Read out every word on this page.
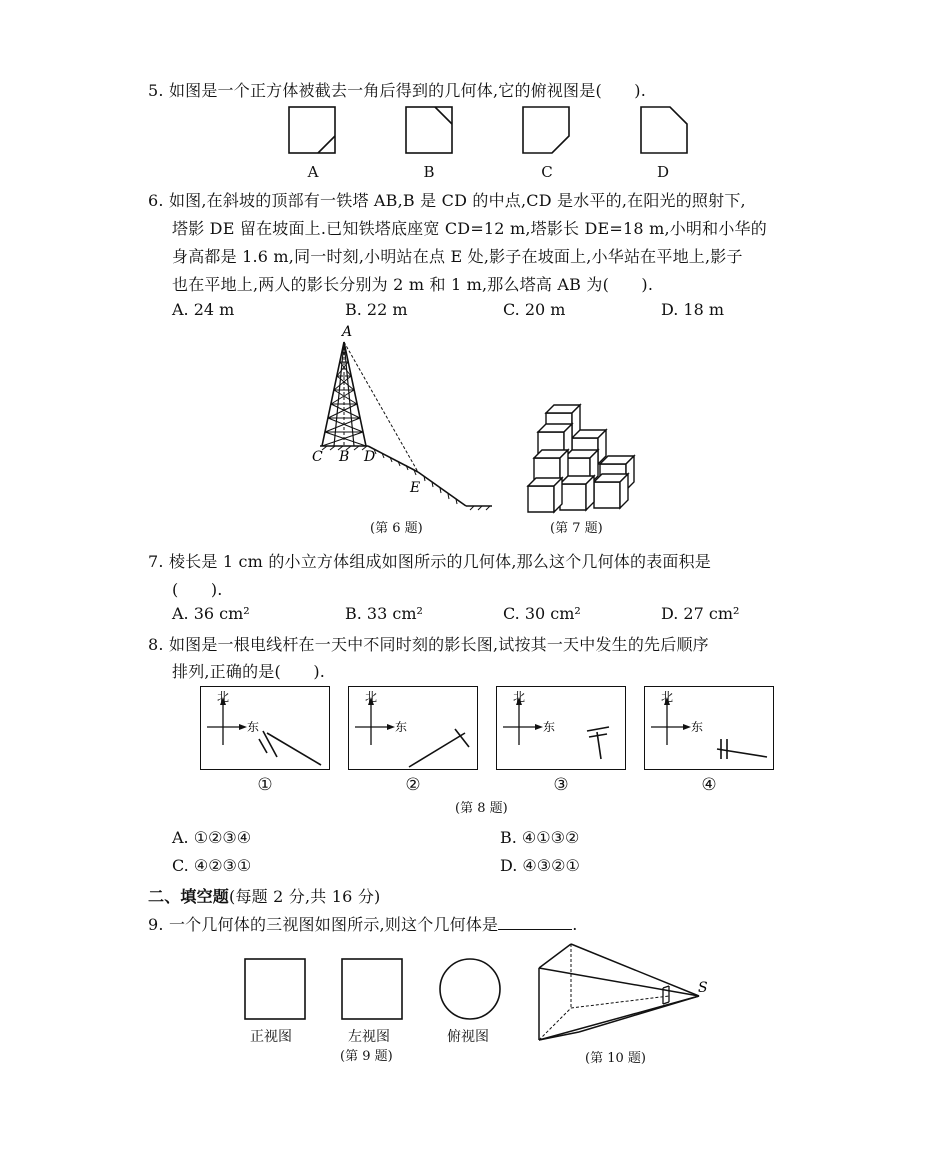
5. 如图是一个正方体被截去一角后得到的几何体,它的俯视图是(　　).
A	B	C	D
6. 如图,在斜坡的顶部有一铁塔 AB,B 是 CD 的中点,CD 是水平的,在阳光的照射下,
塔影 DE 留在坡面上.已知铁塔底座宽 CD=12 m,塔影长 DE=18 m,小明和小华的
身高都是 1.6 m,同一时刻,小明站在点 E 处,影子在坡面上,小华站在平地上,影子
也在平地上,两人的影长分别为 2 m 和 1 m,那么塔高 AB 为(　　).
A. 24 m	B. 22 m	C. 20 m	D. 18 m
A
C B D
E
(第 6 题)	(第 7 题)
7. 棱长是 1 cm 的小立方体组成如图所示的几何体,那么这个几何体的表面积是
(　　).
A. 36 cm²	B. 33 cm²	C. 30 cm²	D. 27 cm²
8. 如图是一根电线杆在一天中不同时刻的影长图,试按其一天中发生的先后顺序
排列,正确的是(　　).
北
东
北
东
北
东
北
东
①	②	③	④
(第 8 题)
A. ①②③④	B. ④①③②
C. ④②③①	D. ④③②①
二、填空题(每题 2 分,共 16 分)
9. 一个几何体的三视图如图所示,则这个几何体是	.
正视图	左视图	俯视图
(第 9 题)
S
(第 10 题)
